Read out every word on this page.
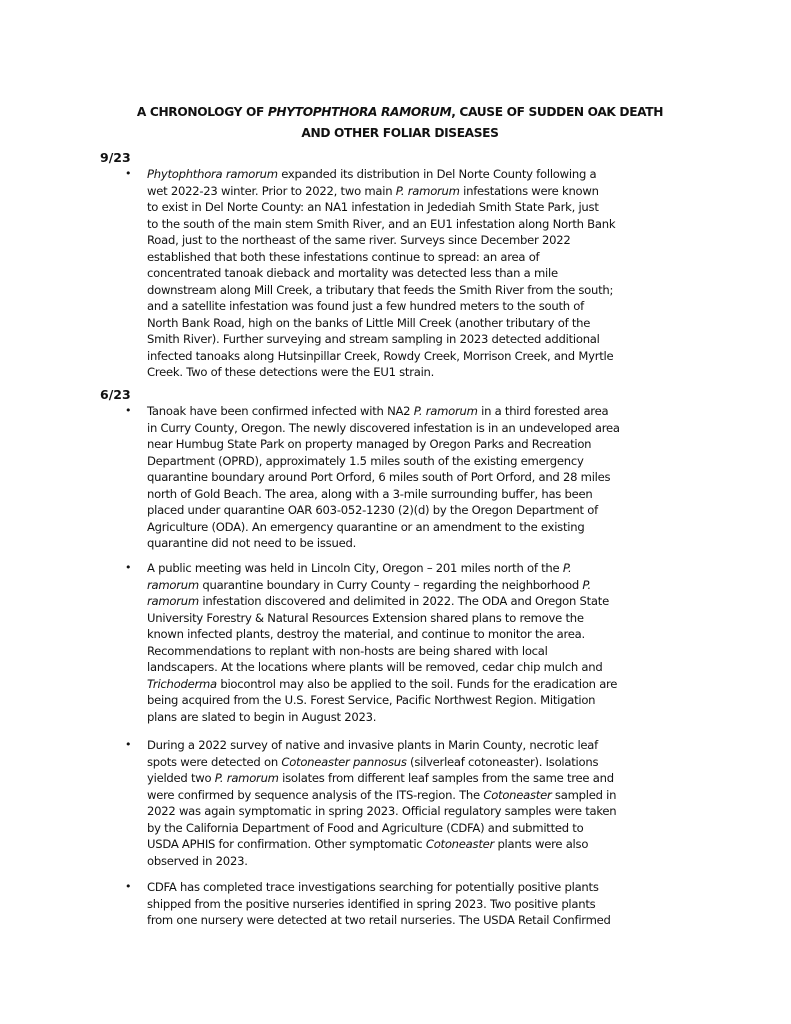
A CHRONOLOGY OF PHYTOPHTHORA RAMORUM, CAUSE OF SUDDEN OAK DEATH
AND OTHER FOLIAR DISEASES
9/23
• Phytophthora ramorum expanded its distribution in Del Norte County following a
wet 2022-23 winter. Prior to 2022, two main P. ramorum infestations were known
to exist in Del Norte County: an NA1 infestation in Jedediah Smith State Park, just
to the south of the main stem Smith River, and an EU1 infestation along North Bank
Road, just to the northeast of the same river. Surveys since December 2022
established that both these infestations continue to spread: an area of
concentrated tanoak dieback and mortality was detected less than a mile
downstream along Mill Creek, a tributary that feeds the Smith River from the south;
and a satellite infestation was found just a few hundred meters to the south of
North Bank Road, high on the banks of Little Mill Creek (another tributary of the
Smith River). Further surveying and stream sampling in 2023 detected additional
infected tanoaks along Hutsinpillar Creek, Rowdy Creek, Morrison Creek, and Myrtle
Creek. Two of these detections were the EU1 strain.
6/23
• Tanoak have been confirmed infected with NA2 P. ramorum in a third forested area
in Curry County, Oregon. The newly discovered infestation is in an undeveloped area
near Humbug State Park on property managed by Oregon Parks and Recreation
Department (OPRD), approximately 1.5 miles south of the existing emergency
quarantine boundary around Port Orford, 6 miles south of Port Orford, and 28 miles
north of Gold Beach. The area, along with a 3-mile surrounding buffer, has been
placed under quarantine OAR 603-052-1230 (2)(d) by the Oregon Department of
Agriculture (ODA). An emergency quarantine or an amendment to the existing
quarantine did not need to be issued.
• A public meeting was held in Lincoln City, Oregon – 201 miles north of the P.
ramorum quarantine boundary in Curry County – regarding the neighborhood P.
ramorum infestation discovered and delimited in 2022. The ODA and Oregon State
University Forestry & Natural Resources Extension shared plans to remove the
known infected plants, destroy the material, and continue to monitor the area.
Recommendations to replant with non-hosts are being shared with local
landscapers. At the locations where plants will be removed, cedar chip mulch and
Trichoderma biocontrol may also be applied to the soil. Funds for the eradication are
being acquired from the U.S. Forest Service, Pacific Northwest Region. Mitigation
plans are slated to begin in August 2023.
• During a 2022 survey of native and invasive plants in Marin County, necrotic leaf
spots were detected on Cotoneaster pannosus (silverleaf cotoneaster). Isolations
yielded two P. ramorum isolates from different leaf samples from the same tree and
were confirmed by sequence analysis of the ITS-region. The Cotoneaster sampled in
2022 was again symptomatic in spring 2023. Official regulatory samples were taken
by the California Department of Food and Agriculture (CDFA) and submitted to
USDA APHIS for confirmation. Other symptomatic Cotoneaster plants were also
observed in 2023.
• CDFA has completed trace investigations searching for potentially positive plants
shipped from the positive nurseries identified in spring 2023. Two positive plants
from one nursery were detected at two retail nurseries. The USDA Retail Confirmed
